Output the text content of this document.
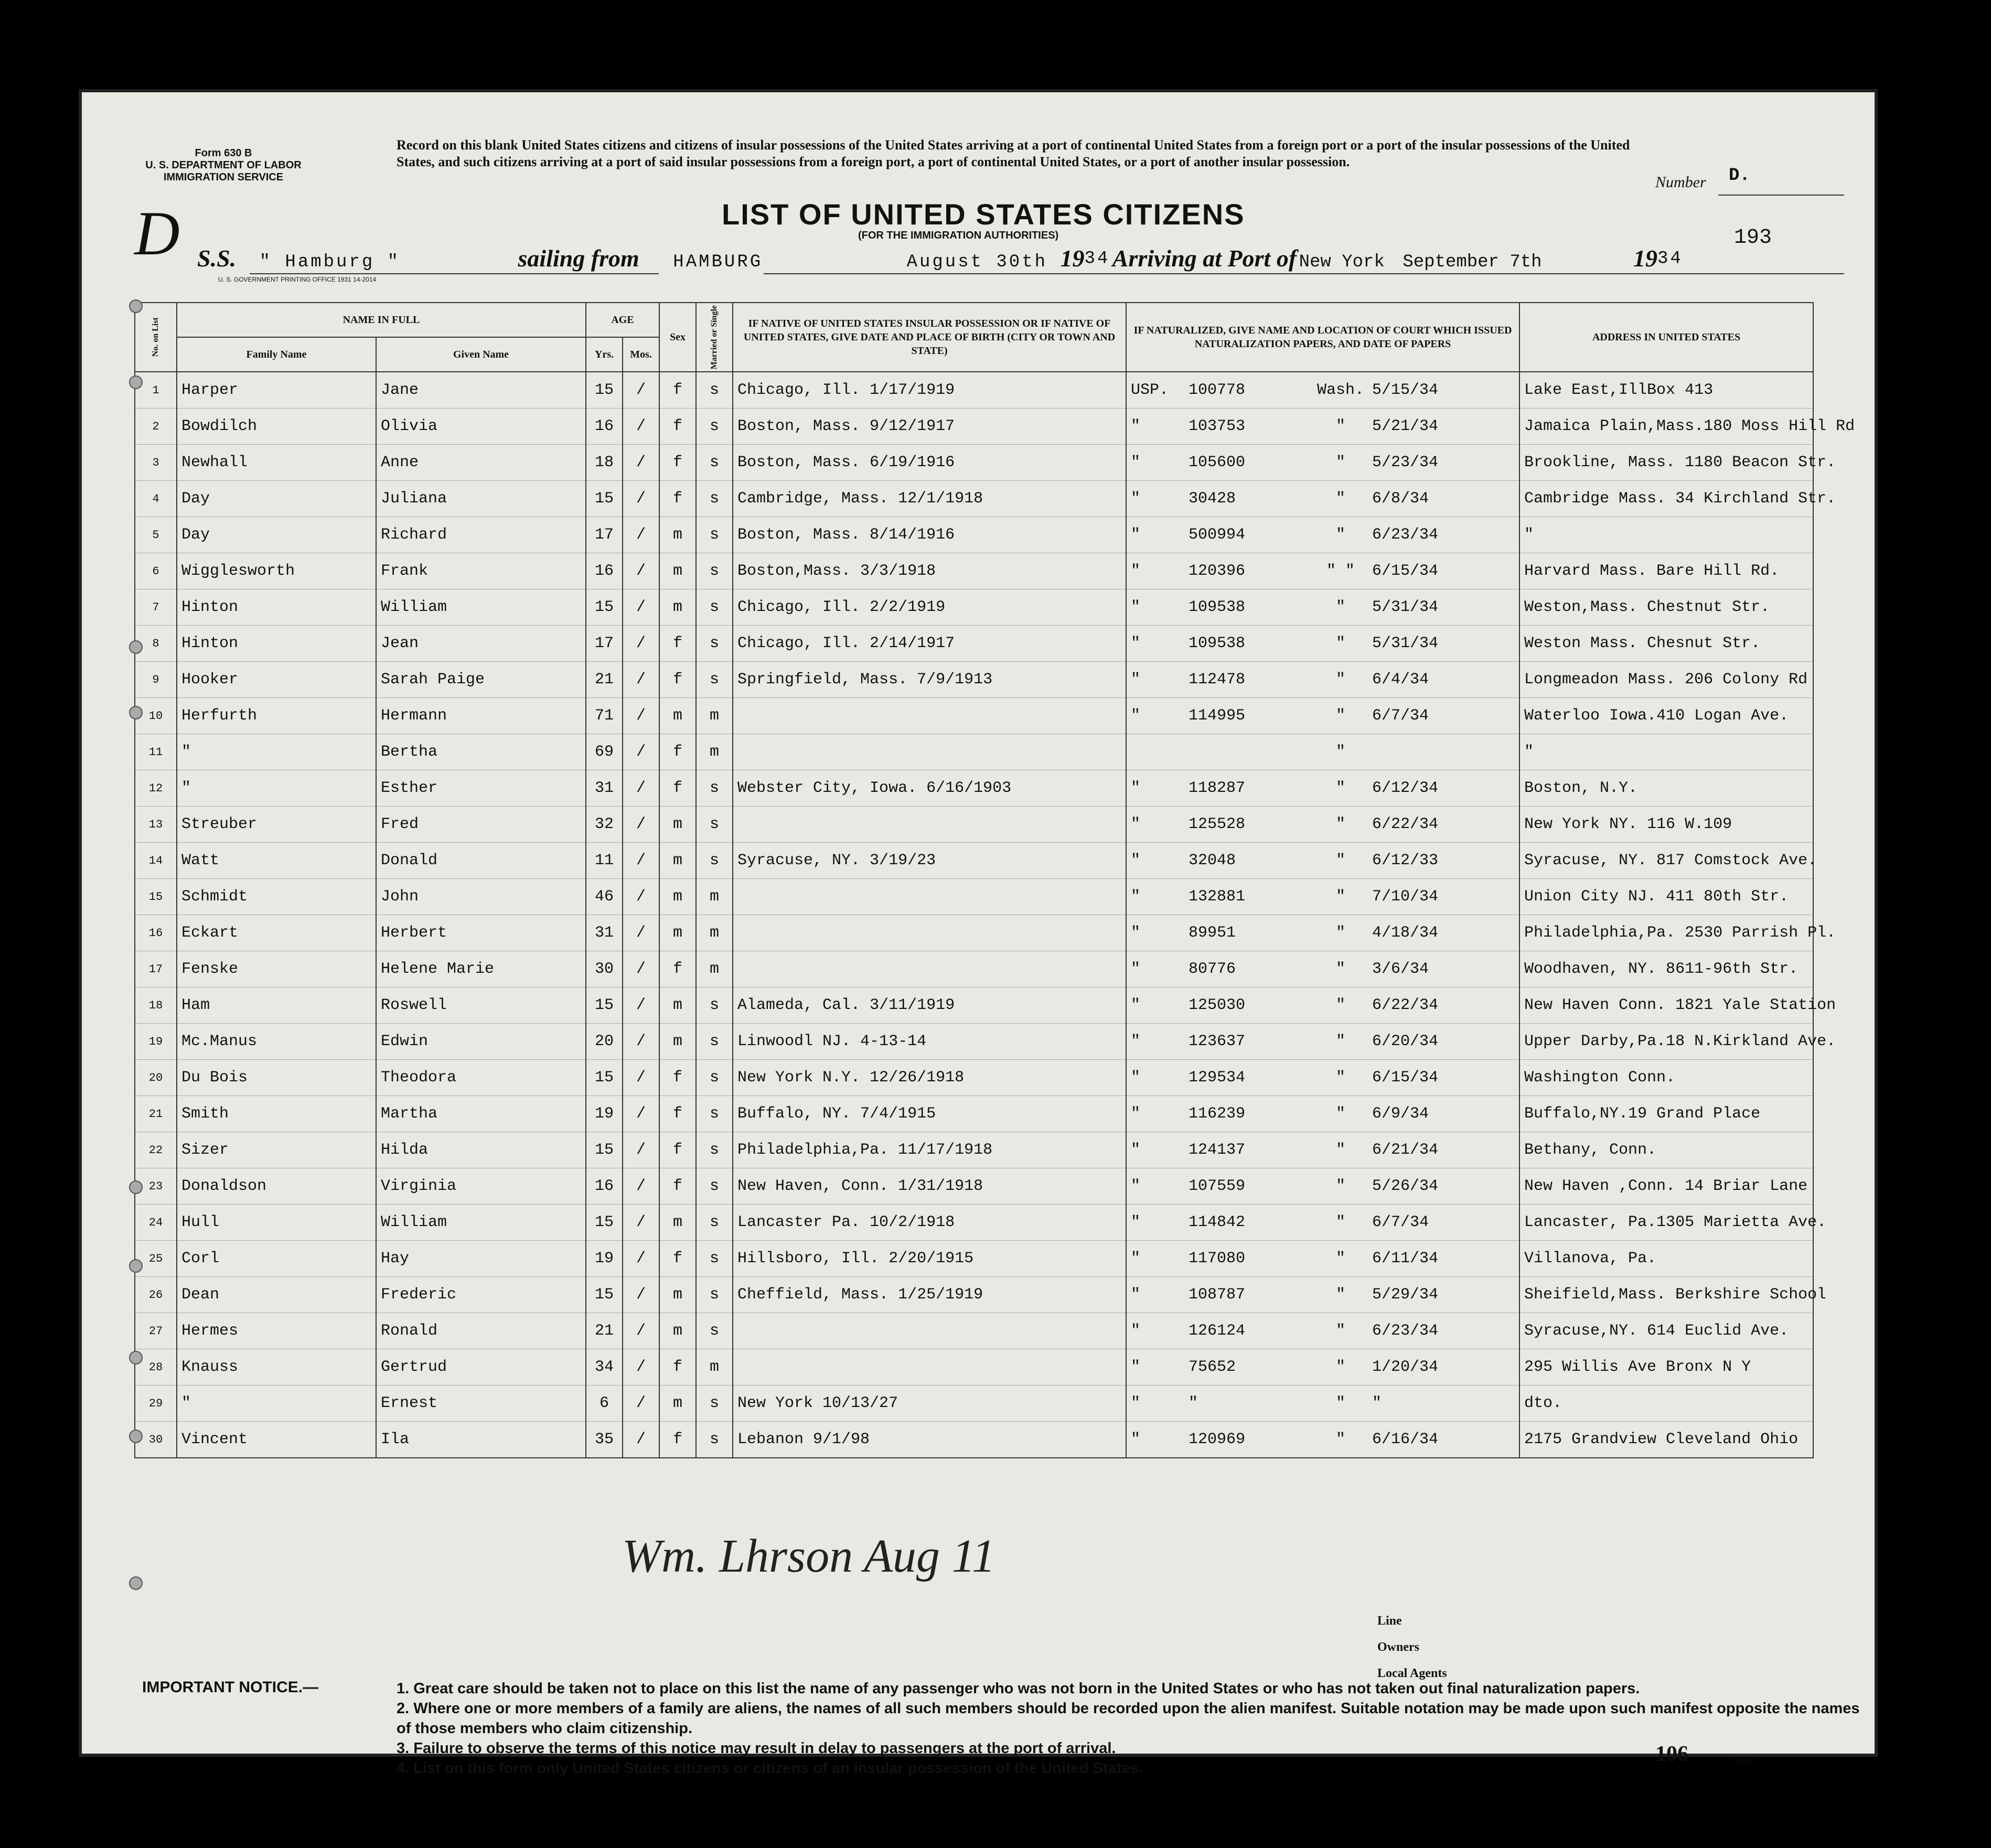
Form 630 B
U. S. DEPARTMENT OF LABOR
IMMIGRATION SERVICE
D
Record on this blank United States citizens and citizens of insular possessions of the United States arriving at a port of continental United States from a foreign port or a port of the insular possessions of the United States, and such citizens arriving at a port of said insular possessions from a foreign port, a port of continental United States, or a port of another insular possession.
Number D.
LIST OF UNITED STATES CITIZENS
(FOR THE IMMIGRATION AUTHORITIES)	193
S.S. " Hamburg "	sailing from HAMBURG	August 30th 1934 Arriving at Port of New York September 7th	1934
U. S. GOVERNMENT PRINTING OFFICE 1931 14-2014
No. on List	NAME IN FULL		AGE		Sex	Married or Single	IF NATIVE OF UNITED STATES INSULAR POSSESSION OR IF NATIVE OF UNITED STATES, GIVE DATE AND PLACE OF BIRTH (CITY OR TOWN AND STATE)	IF NATURALIZED, GIVE NAME AND LOCATION OF COURT WHICH ISSUED NATURALIZATION PAPERS, AND DATE OF PAPERS	ADDRESS IN UNITED STATES
	Family Name	Given Name	Yrs.	Mos.					
1	Harper	Jane	15	/	f	s	Chicago, Ill. 1/17/1919	USP. 100778 Wash. 5/15/34	Lake East,IllBox 413
2	Bowdilch	Olivia	16	/	f	s	Boston, Mass. 9/12/1917	" 103753 " 5/21/34	Jamaica Plain,Mass.180 Moss Hill Rd
3	Newhall	Anne	18	/	f	s	Boston, Mass. 6/19/1916	" 105600 " 5/23/34	Brookline, Mass. 1180 Beacon Str.
4	Day	Juliana	15	/	f	s	Cambridge, Mass. 12/1/1918	" 30428 " 6/8/34	Cambridge Mass. 34 Kirchland Str.
5	Day	Richard	17	/	m	s	Boston, Mass. 8/14/1916	" 500994 " 6/23/34	"
6	Wigglesworth	Frank	16	/	m	s	Boston,Mass. 3/3/1918	" 120396 " " 6/15/34	Harvard Mass. Bare Hill Rd.
7	Hinton	William	15	/	m	s	Chicago, Ill. 2/2/1919	" 109538 " 5/31/34	Weston,Mass. Chestnut Str.
8	Hinton	Jean	17	/	f	s	Chicago, Ill. 2/14/1917	" 109538 " 5/31/34	Weston Mass. Chesnut Str.
9	Hooker	Sarah Paige	21	/	f	s	Springfield, Mass. 7/9/1913	" 112478 " 6/4/34	Longmeadon Mass. 206 Colony Rd
10	Herfurth	Hermann	71	/	m	m		" 114995 " 6/7/34	Waterloo Iowa.410 Logan Ave.
11	"	Bertha	69	/	f	m		"	"
12	"	Esther	31	/	f	s	Webster City, Iowa. 6/16/1903	" 118287 " 6/12/34	Boston, N.Y.
13	Streuber	Fred	32	/	m	s		" 125528 " 6/22/34	New York NY. 116 W.109
14	Watt	Donald	11	/	m	s	Syracuse, NY. 3/19/23	" 32048 " 6/12/33	Syracuse, NY. 817 Comstock Ave.
15	Schmidt	John	46	/	m	m		" 132881 " 7/10/34	Union City NJ. 411 80th Str.
16	Eckart	Herbert	31	/	m	m		" 89951 " 4/18/34	Philadelphia,Pa. 2530 Parrish Pl.
17	Fenske	Helene Marie	30	/	f	m		" 80776 " 3/6/34	Woodhaven, NY. 8611-96th Str.
18	Ham	Roswell	15	/	m	s	Alameda, Cal. 3/11/1919	" 125030 " 6/22/34	New Haven Conn. 1821 Yale Station
19	Mc.Manus	Edwin	20	/	m	s	Linwoodl NJ. 4-13-14	" 123637 " 6/20/34	Upper Darby,Pa.18 N.Kirkland Ave.
20	Du Bois	Theodora	15	/	f	s	New York N.Y. 12/26/1918	" 129534 " 6/15/34	Washington Conn.
21	Smith	Martha	19	/	f	s	Buffalo, NY. 7/4/1915	" 116239 " 6/9/34	Buffalo,NY.19 Grand Place
22	Sizer	Hilda	15	/	f	s	Philadelphia,Pa. 11/17/1918	" 124137 " 6/21/34	Bethany, Conn.
23	Donaldson	Virginia	16	/	f	s	New Haven, Conn. 1/31/1918	" 107559 " 5/26/34	New Haven ,Conn. 14 Briar Lane
24	Hull	William	15	/	m	s	Lancaster Pa. 10/2/1918	" 114842 " 6/7/34	Lancaster, Pa.1305 Marietta Ave.
25	Corl	Hay	19	/	f	s	Hillsboro, Ill. 2/20/1915	" 117080 " 6/11/34	Villanova, Pa.
26	Dean	Frederic	15	/	m	s	Cheffield, Mass. 1/25/1919	" 108787 " 5/29/34	Sheifield,Mass. Berkshire School
27	Hermes	Ronald	21	/	m	s		" 126124 " 6/23/34	Syracuse,NY. 614 Euclid Ave.
28	Knauss	Gertrud	34	/	f	m		" 75652 " 1/20/34	295 Willis Ave Bronx N Y
29	"	Ernest	6	/	m	s	New York 10/13/27	" " " "	dto.
30	Vincent	Ila	35	/	f	s	Lebanon 9/1/98	" 120969 " 6/16/34	2175 Grandview Cleveland Ohio
Wm. Lhrson Aug 11
Line
Owners
Local Agents
IMPORTANT NOTICE.—	1. Great care should be taken not to place on this list the name of any passenger who was not born in the United States or who has not taken out final naturalization papers.
2. Where one or more members of a family are aliens, the names of all such members should be recorded upon the alien manifest. Suitable notation may be made upon such manifest opposite the names of those members who claim citizenship.
3. Failure to observe the terms of this notice may result in delay to passengers at the port of arrival.
4. List on this form only United States citizens or citizens of an insular possession of the United States.
106	14-002
